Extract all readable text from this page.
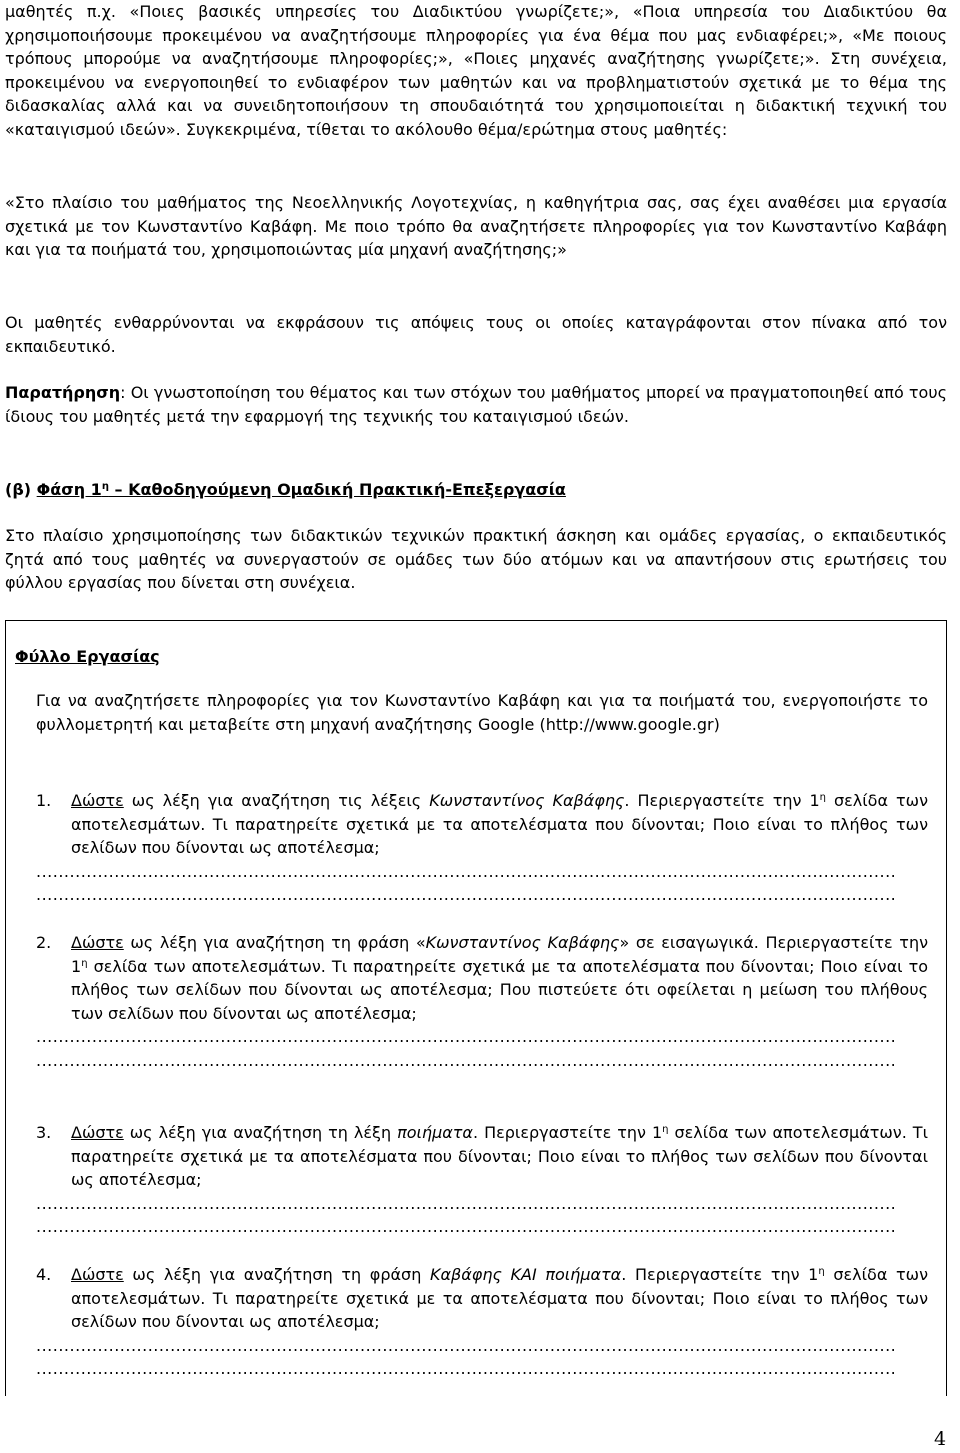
μαθητές π.χ. «Ποιες βασικές υπηρεσίες του Διαδικτύου γνωρίζετε;», «Ποια υπηρεσία του Διαδικτύου θα χρησιμοποιήσουμε προκειμένου να αναζητήσουμε πληροφορίες για ένα θέμα που μας ενδιαφέρει;», «Με ποιους τρόπους μπορούμε να αναζητήσουμε πληροφορίες;», «Ποιες μηχανές αναζήτησης γνωρίζετε;». Στη συνέχεια, προκειμένου να ενεργοποιηθεί το ενδιαφέρον των μαθητών και να προβληματιστούν σχετικά με το θέμα της διδασκαλίας αλλά και να συνειδητοποιήσουν τη σπουδαιότητά του χρησιμοποιείται η διδακτική τεχνική του «καταιγισμού ιδεών». Συγκεκριμένα, τίθεται το ακόλουθο θέμα/ερώτημα στους μαθητές:

«Στο πλαίσιο του μαθήματος της Νεοελληνικής Λογοτεχνίας, η καθηγήτρια σας, σας έχει αναθέσει μια εργασία σχετικά με τον Κωνσταντίνο Καβάφη. Με ποιο τρόπο θα αναζητήσετε πληροφορίες για τον Κωνσταντίνο Καβάφη και για τα ποιήματά του, χρησιμοποιώντας μία μηχανή αναζήτησης;»

Οι μαθητές ενθαρρύνονται να εκφράσουν τις απόψεις τους οι οποίες καταγράφονται στον πίνακα από τον εκπαιδευτικό.

Παρατήρηση: Οι γνωστοποίηση του θέματος και των στόχων του μαθήματος μπορεί να πραγματοποιηθεί από τους ίδιους του μαθητές μετά την εφαρμογή της τεχνικής του καταιγισμού ιδεών.

(β) Φάση $1^\eta$ – Καθοδηγούμενη Ομαδική Πρακτική-Επεξεργασία

Στο πλαίσιο χρησιμοποίησης των διδακτικών τεχνικών πρακτική άσκηση και ομάδες εργασίας, ο εκπαιδευτικός ζητά από τους μαθητές να συνεργαστούν σε ομάδες των δύο ατόμων και να απαντήσουν στις ερωτήσεις του φύλλου εργασίας που δίνεται στη συνέχεια.

Φύλλο Εργασίας

Για να αναζητήσετε πληροφορίες για τον Κωνσταντίνο Καβάφη και για τα ποιήματά του, ενεργοποιήστε το φυλλομετρητή και μεταβείτε στη μηχανή αναζήτησης Google (http://www.google.gr)

1. Δώστε ως λέξη για αναζήτηση τις λέξεις Κωνσταντίνος Καβάφης. Περιεργαστείτε την $1^\eta$ σελίδα των αποτελεσμάτων. Τι παρατηρείτε σχετικά με τα αποτελέσματα που δίνονται; Ποιο είναι το πλήθος των σελίδων που δίνονται ως αποτέλεσμα;

..........................................................................................................................................................
..........................................................................................................................................................
2. Δώστε ως λέξη για αναζήτηση τη φράση «Κωνσταντίνος Καβάφης» σε εισαγωγικά. Περιεργαστείτε την $1^\eta$ σελίδα των αποτελεσμάτων. Τι παρατηρείτε σχετικά με τα αποτελέσματα που δίνονται; Ποιο είναι το πλήθος των σελίδων που δίνονται ως αποτέλεσμα; Που πιστεύετε ότι οφείλεται η μείωση του πλήθους των σελίδων που δίνονται ως αποτέλεσμα;

..........................................................................................................................................................
..........................................................................................................................................................
3. Δώστε ως λέξη για αναζήτηση τη λέξη ποιήματα. Περιεργαστείτε την $1^\eta$ σελίδα των αποτελεσμάτων. Τι παρατηρείτε σχετικά με τα αποτελέσματα που δίνονται; Ποιο είναι το πλήθος των σελίδων που δίνονται ως αποτέλεσμα;

..........................................................................................................................................................
..........................................................................................................................................................
4. Δώστε ως λέξη για αναζήτηση τη φράση Καβάφης ΚΑΙ ποιήματα. Περιεργαστείτε την $1^\eta$ σελίδα των αποτελεσμάτων. Τι παρατηρείτε σχετικά με τα αποτελέσματα που δίνονται; Ποιο είναι το πλήθος των σελίδων που δίνονται ως αποτέλεσμα;

..........................................................................................................................................................
..........................................................................................................................................................
4
